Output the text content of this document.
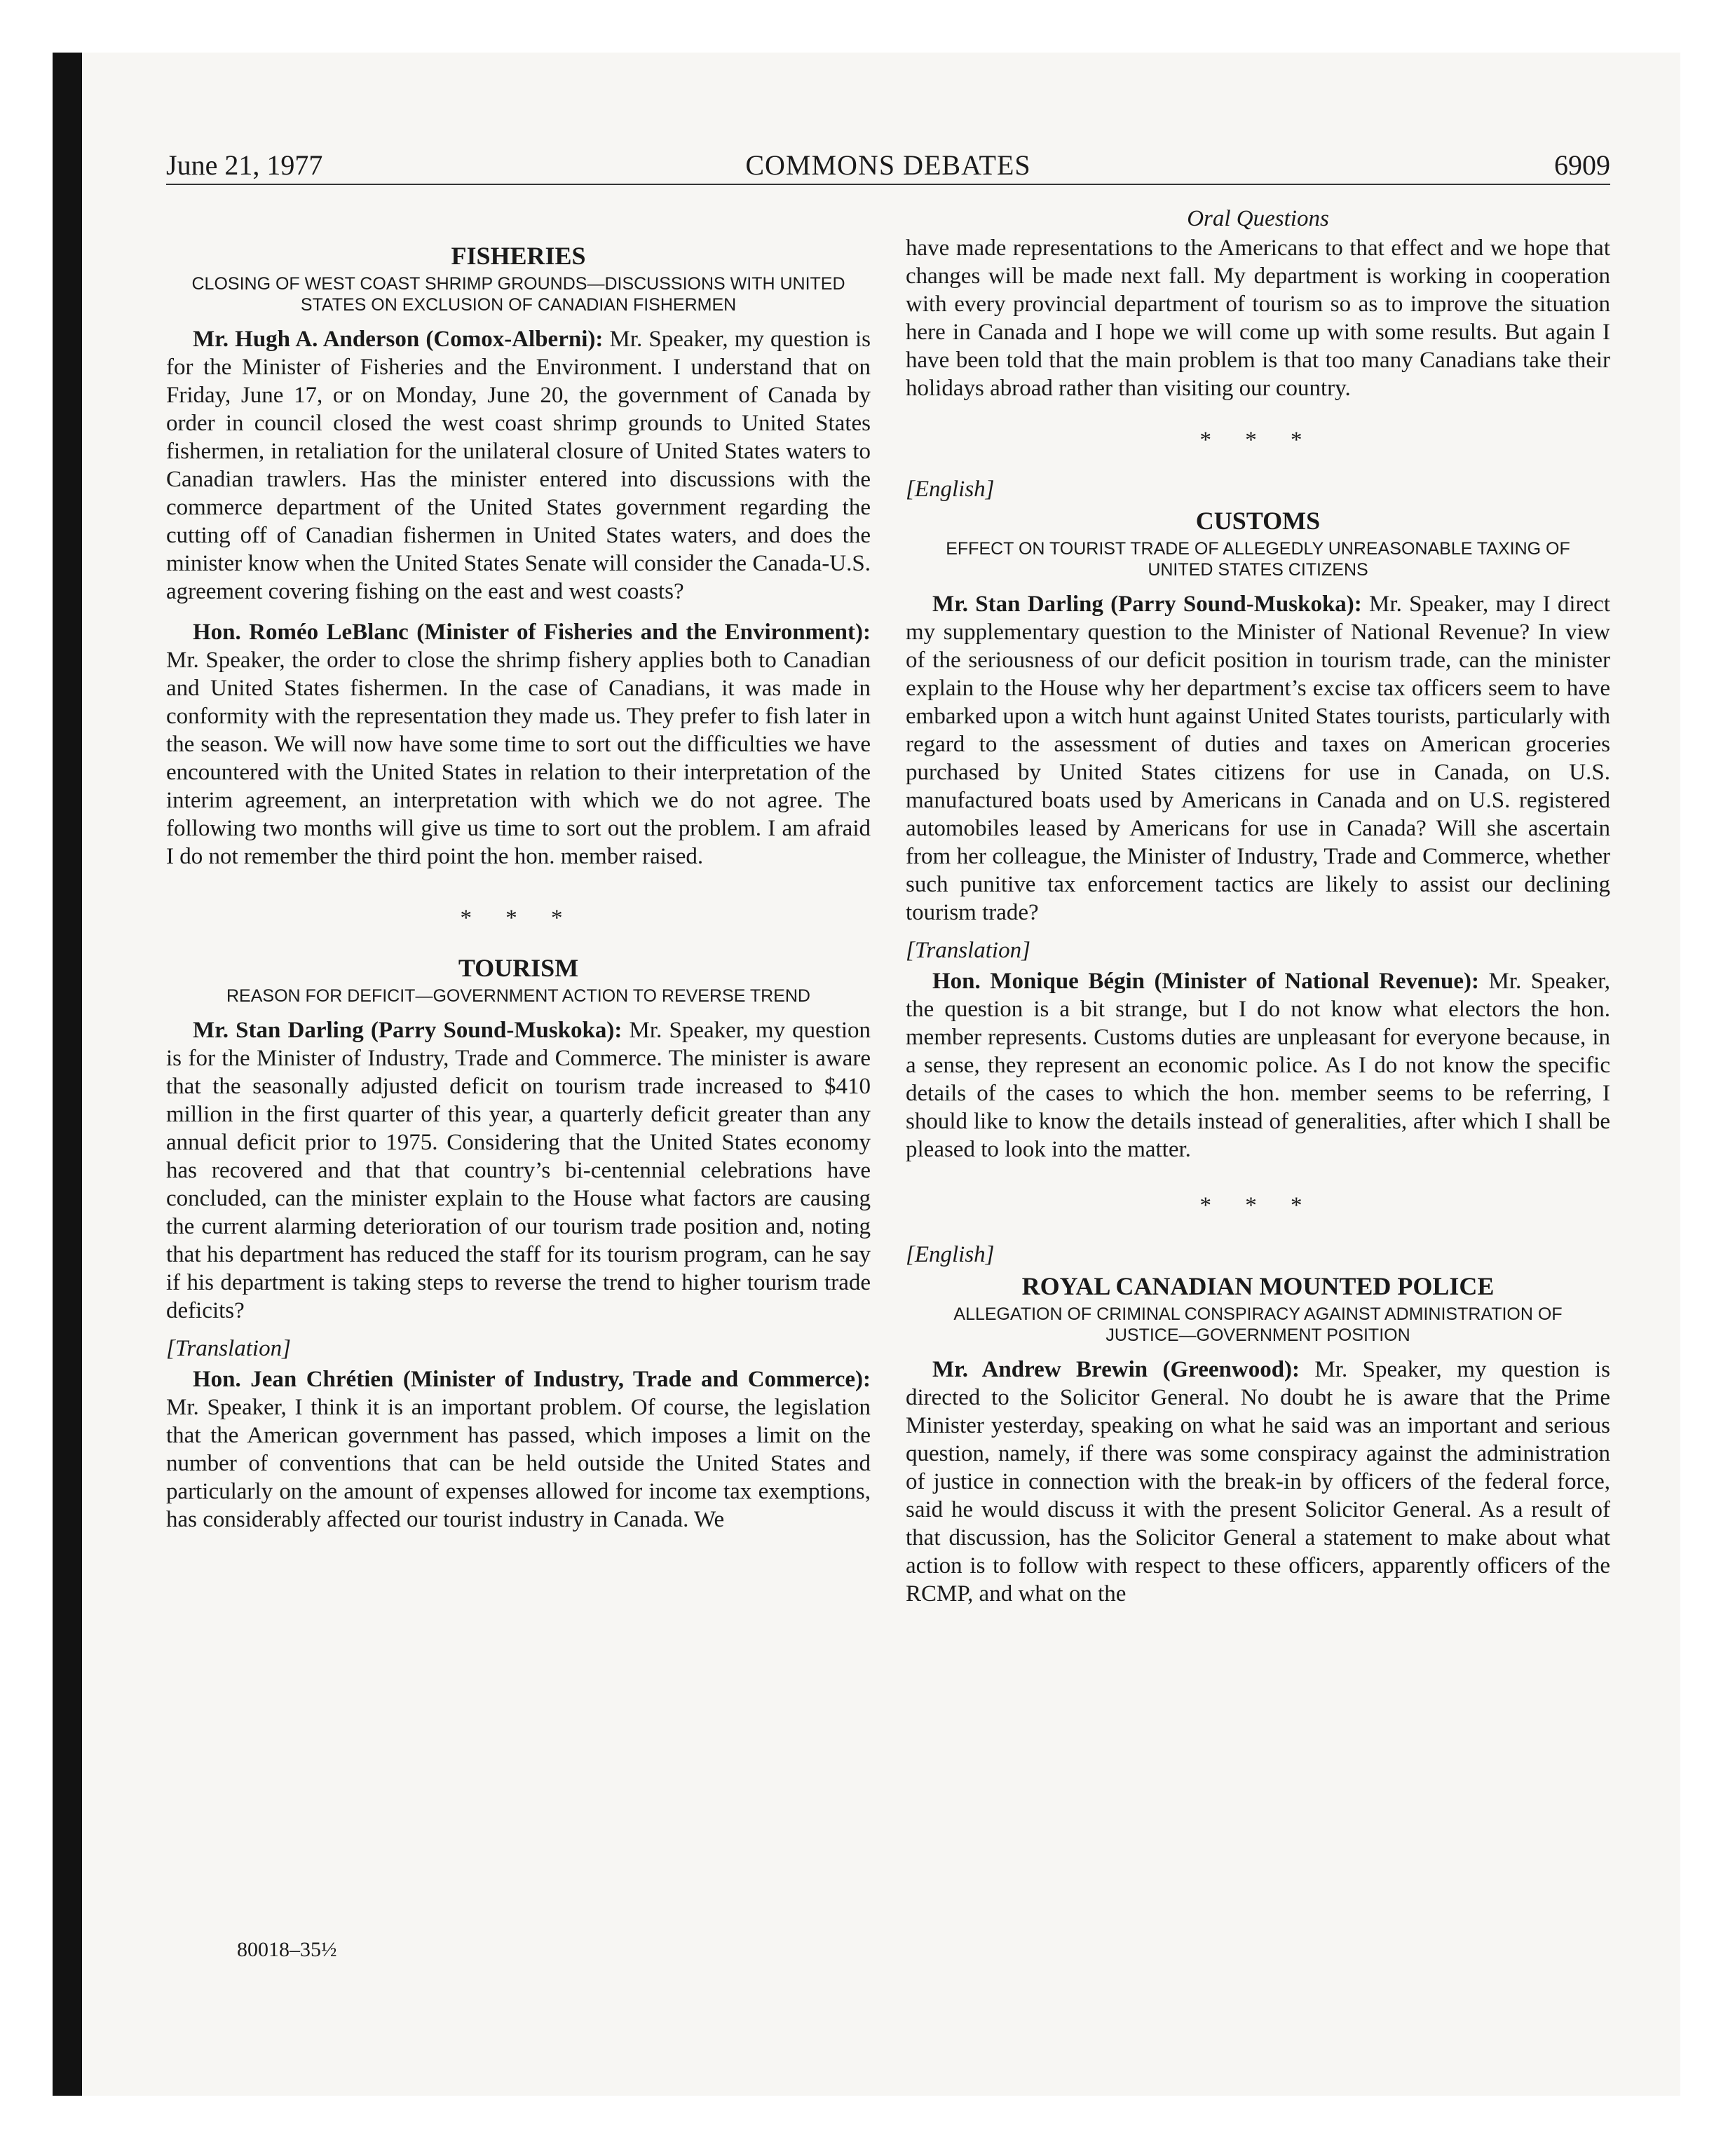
June 21, 1977	COMMONS DEBATES	6909
FISHERIES

CLOSING OF WEST COAST SHRIMP GROUNDS—DISCUSSIONS WITH UNITED STATES ON EXCLUSION OF CANADIAN FISHERMEN

Mr. Hugh A. Anderson (Comox-Alberni): Mr. Speaker, my question is for the Minister of Fisheries and the Environment. I understand that on Friday, June 17, or on Monday, June 20, the government of Canada by order in council closed the west coast shrimp grounds to United States fishermen, in retaliation for the unilateral closure of United States waters to Canadian trawlers. Has the minister entered into discussions with the commerce department of the United States government regarding the cutting off of Canadian fishermen in United States waters, and does the minister know when the United States Senate will consider the Canada-U.S. agreement covering fishing on the east and west coasts?

Hon. Roméo LeBlanc (Minister of Fisheries and the Environment): Mr. Speaker, the order to close the shrimp fishery applies both to Canadian and United States fishermen. In the case of Canadians, it was made in conformity with the representation they made us. They prefer to fish later in the season. We will now have some time to sort out the difficulties we have encountered with the United States in relation to their interpretation of the interim agreement, an interpretation with which we do not agree. The following two months will give us time to sort out the problem. I am afraid I do not remember the third point the hon. member raised.

* * *
TOURISM

REASON FOR DEFICIT—GOVERNMENT ACTION TO REVERSE TREND

Mr. Stan Darling (Parry Sound-Muskoka): Mr. Speaker, my question is for the Minister of Industry, Trade and Commerce. The minister is aware that the seasonally adjusted deficit on tourism trade increased to $410 million in the first quarter of this year, a quarterly deficit greater than any annual deficit prior to 1975. Considering that the United States economy has recovered and that that country’s bi-centennial celebrations have concluded, can the minister explain to the House what factors are causing the current alarming deterioration of our tourism trade position and, noting that his department has reduced the staff for its tourism program, can he say if his department is taking steps to reverse the trend to higher tourism trade deficits?

[Translation]

Hon. Jean Chrétien (Minister of Industry, Trade and Commerce): Mr. Speaker, I think it is an important problem. Of course, the legislation that the American government has passed, which imposes a limit on the number of conventions that can be held outside the United States and particularly on the amount of expenses allowed for income tax exemptions, has considerably affected our tourist industry in Canada. We

Oral Questions

have made representations to the Americans to that effect and we hope that changes will be made next fall. My department is working in cooperation with every provincial department of tourism so as to improve the situation here in Canada and I hope we will come up with some results. But again I have been told that the main problem is that too many Canadians take their holidays abroad rather than visiting our country.

* * *

[English]

CUSTOMS

EFFECT ON TOURIST TRADE OF ALLEGEDLY UNREASONABLE TAXING OF UNITED STATES CITIZENS

Mr. Stan Darling (Parry Sound-Muskoka): Mr. Speaker, may I direct my supplementary question to the Minister of National Revenue? In view of the seriousness of our deficit position in tourism trade, can the minister explain to the House why her department’s excise tax officers seem to have embarked upon a witch hunt against United States tourists, particularly with regard to the assessment of duties and taxes on American groceries purchased by United States citizens for use in Canada, on U.S. manufactured boats used by Americans in Canada and on U.S. registered automobiles leased by Americans for use in Canada? Will she ascertain from her colleague, the Minister of Industry, Trade and Commerce, whether such punitive tax enforcement tactics are likely to assist our declining tourism trade?

[Translation]

Hon. Monique Bégin (Minister of National Revenue): Mr. Speaker, the question is a bit strange, but I do not know what electors the hon. member represents. Customs duties are unpleasant for everyone because, in a sense, they represent an economic police. As I do not know the specific details of the cases to which the hon. member seems to be referring, I should like to know the details instead of generalities, after which I shall be pleased to look into the matter.

* * *

[English]

ROYAL CANADIAN MOUNTED POLICE

ALLEGATION OF CRIMINAL CONSPIRACY AGAINST ADMINISTRATION OF JUSTICE—GOVERNMENT POSITION

Mr. Andrew Brewin (Greenwood): Mr. Speaker, my question is directed to the Solicitor General. No doubt he is aware that the Prime Minister yesterday, speaking on what he said was an important and serious question, namely, if there was some conspiracy against the administration of justice in connection with the break-in by officers of the federal force, said he would discuss it with the present Solicitor General. As a result of that discussion, has the Solicitor General a statement to make about what action is to follow with respect to these officers, apparently officers of the RCMP, and what on the

80018–35½
